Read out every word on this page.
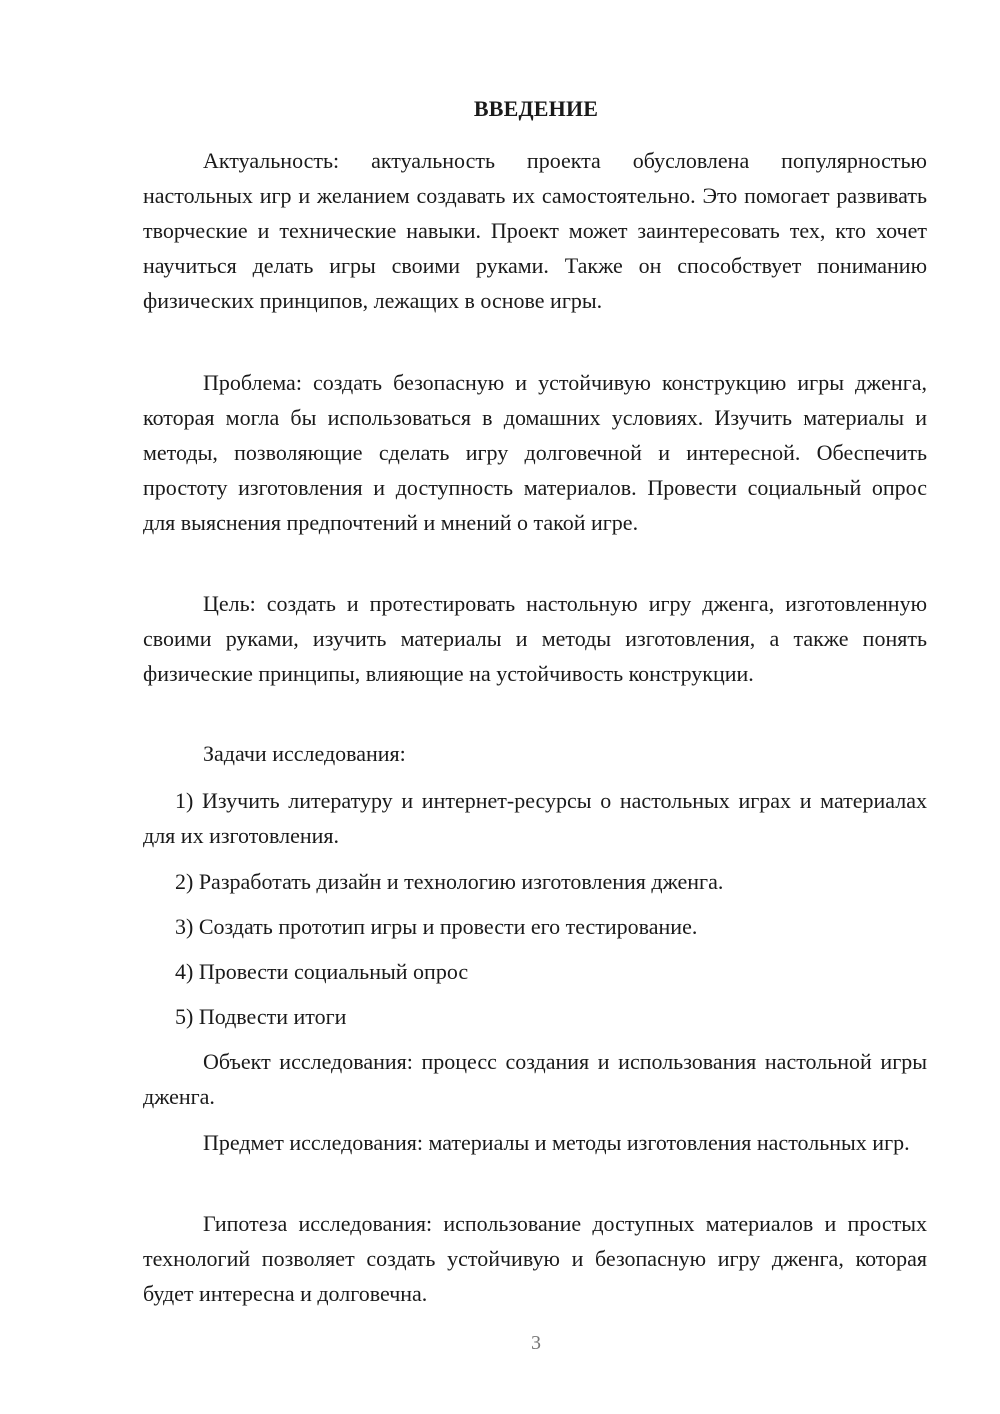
ВВЕДЕНИЕ

Актуальность: актуальность проекта обусловлена популярностью настольных игр и желанием создавать их самостоятельно. Это помогает развивать творческие и технические навыки. Проект может заинтересовать тех, кто хочет научиться делать игры своими руками. Также он способствует пониманию физических принципов, лежащих в основе игры.

Проблема: создать безопасную и устойчивую конструкцию игры дженга, которая могла бы использоваться в домашних условиях. Изучить материалы и методы, позволяющие сделать игру долговечной и интересной. Обеспечить простоту изготовления и доступность материалов. Провести социальный опрос для выяснения предпочтений и мнений о такой игре.

Цель: создать и протестировать настольную игру дженга, изготовленную своими руками, изучить материалы и методы изготовления, а также понять физические принципы, влияющие на устойчивость конструкции.

Задачи исследования:

1) Изучить литературу и интернет-ресурсы о настольных играх и материалах для их изготовления.

2) Разработать дизайн и технологию изготовления дженга.

3) Создать прототип игры и провести его тестирование.

4) Провести социальный опрос

5) Подвести итоги

Объект исследования: процесс создания и использования настольной игры дженга.

Предмет исследования: материалы и методы изготовления настольных игр.

Гипотеза исследования: использование доступных материалов и простых технологий позволяет создать устойчивую и безопасную игру дженга, которая будет интересна и долговечна.

3
